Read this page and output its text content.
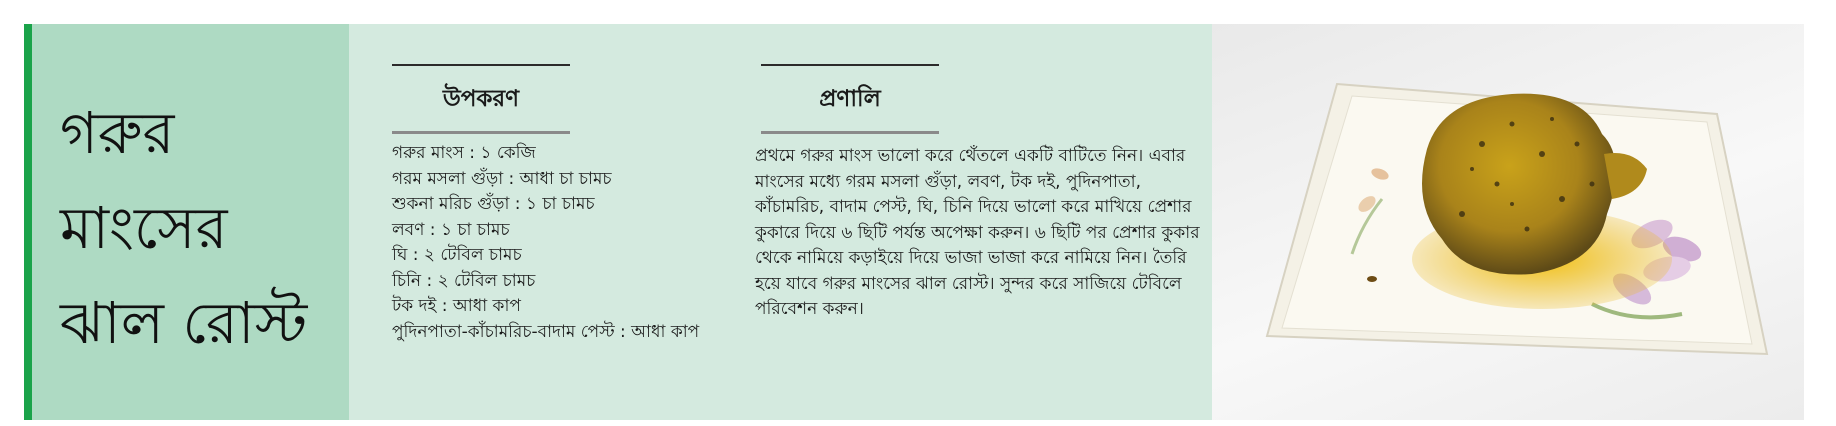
গরুর
মাংসের
ঝাল রোস্ট
উপকরণ
গরুর মাংস : ১ কেজি
গরম মসলা গুঁড়া : আধা চা চামচ
শুকনা মরিচ গুঁড়া : ১ চা চামচ
লবণ : ১ চা চামচ
ঘি : ২ টেবিল চামচ
চিনি : ২ টেবিল চামচ
টক দই : আধা কাপ
পুদিনপাতা-কাঁচামরিচ-বাদাম পেস্ট : আধা কাপ
প্রণালি

প্রথমে গরুর মাংস ভালো করে থেঁতলে একটি বাটিতে নিন। এবার মাংসের মধ্যে গরম মসলা গুঁড়া, লবণ, টক দই, পুদিনপাতা, কাঁচামরিচ, বাদাম পেস্ট, ঘি, চিনি দিয়ে ভালো করে মাখিয়ে প্রেশার কুকারে দিয়ে ৬ ছিটি পর্যন্ত অপেক্ষা করুন। ৬ ছিটি পর প্রেশার কুকার থেকে নামিয়ে কড়াইয়ে দিয়ে ভাজা ভাজা করে নামিয়ে নিন। তৈরি হয়ে যাবে গরুর মাংসের ঝাল রোস্ট। সুন্দর করে সাজিয়ে টেবিলে পরিবেশন করুন।
